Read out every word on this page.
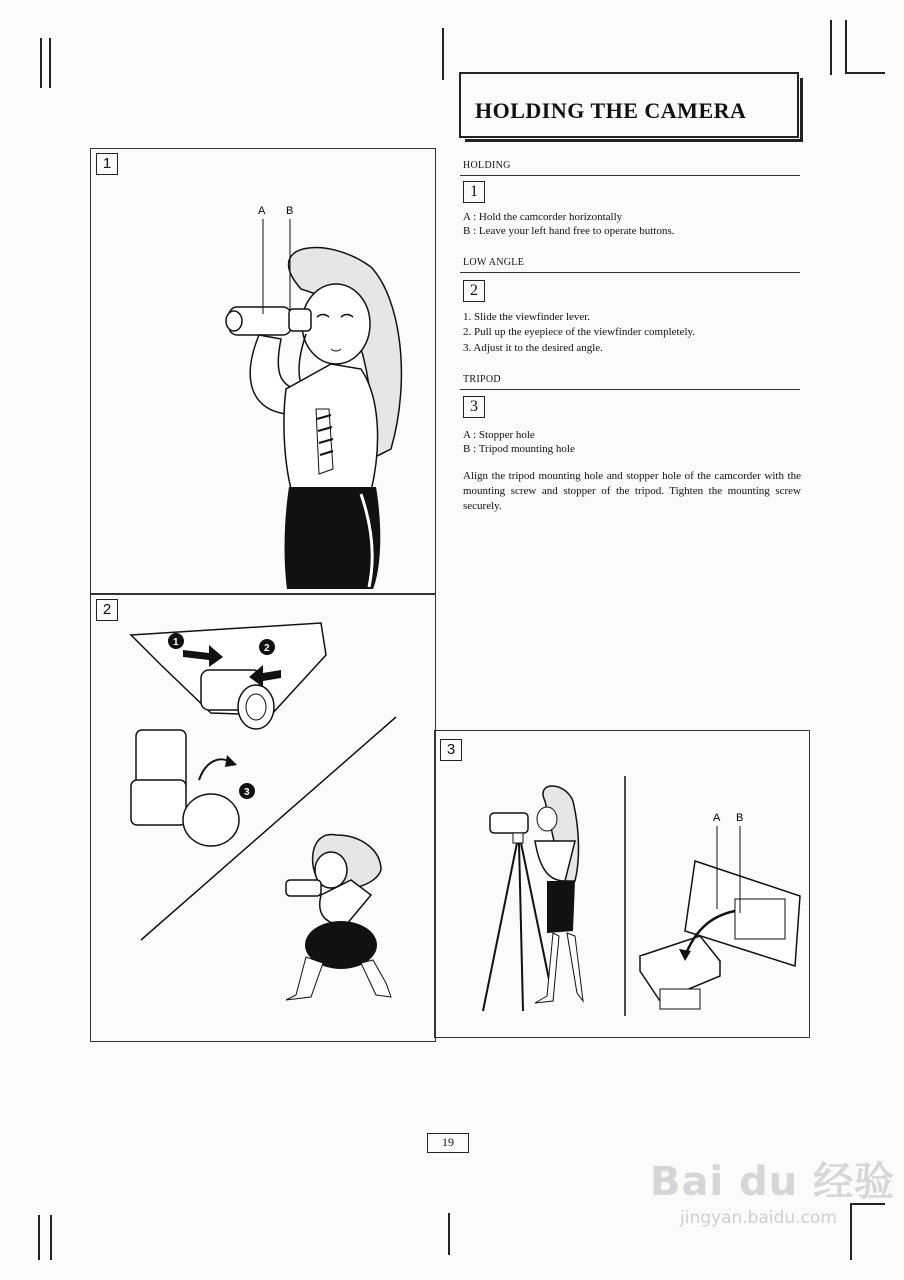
HOLDING THE CAMERA
HOLDING
1
A : Hold the camcorder horizontally
B : Leave your left hand free to operate buttons.
LOW ANGLE
2
1. Slide the viewfinder lever.
2. Pull up the eyepiece of the viewfinder completely.
3. Adjust it to the desired angle.
TRIPOD
3
A : Stopper hole
B : Tripod mounting hole
Align the tripod mounting hole and stopper hole of the camcorder with the mounting screw and stopper of the tripod. Tighten the mounting screw securely.
A B
1
1
2
3
2
A B
3
19
Bai du 经验
jingyan.baidu.com
